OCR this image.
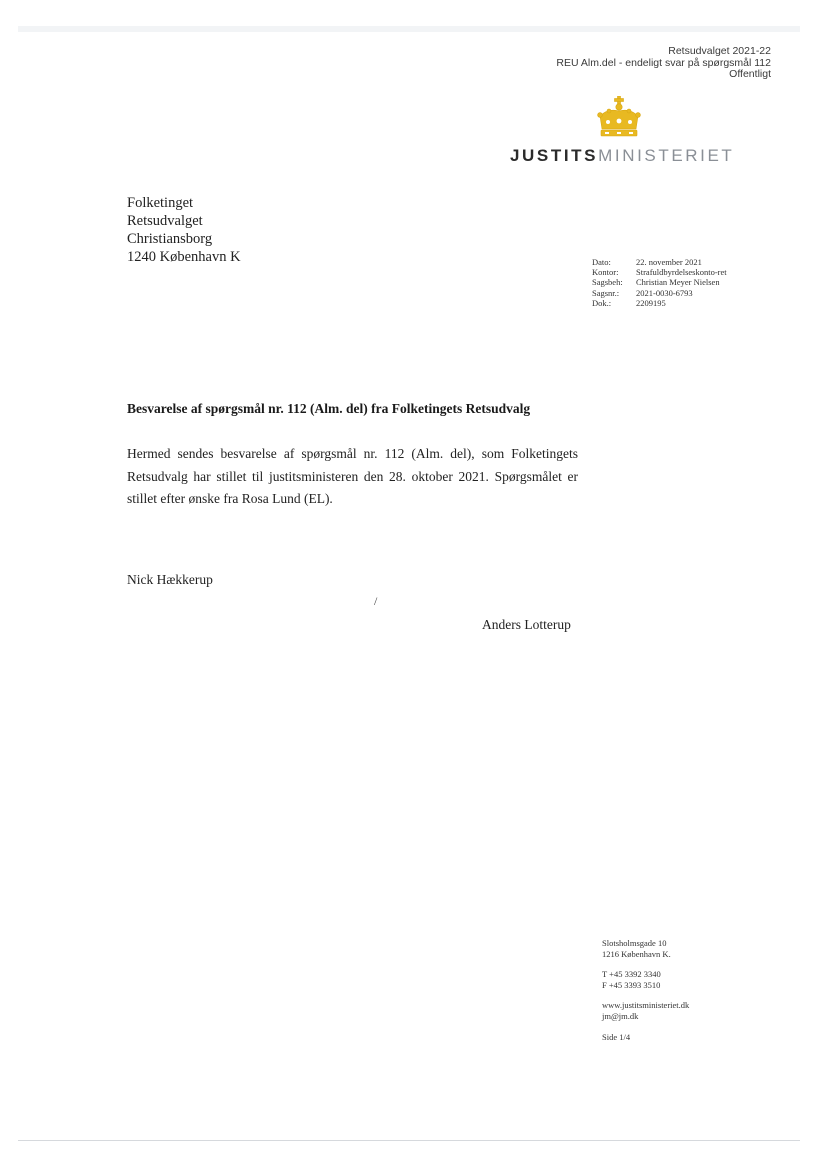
Retsudvalget 2021-22
REU Alm.del - endeligt svar på spørgsmål 112
Offentligt
JUSTITSMINISTERIET
Folketinget
Retsudvalget
Christiansborg
1240 København K	Dato:	22. november 2021
Kontor:	Strafuldbyrdelseskonto-ret
Sagsbeh:	Christian Meyer Nielsen
Sagsnr.:	2021-0030-6793
Dok.:	2209195
Besvarelse af spørgsmål nr. 112 (Alm. del) fra Folketingets Retsudvalg
Hermed sendes besvarelse af spørgsmål nr. 112 (Alm. del), som Folketingets Retsudvalg har stillet til justitsministeren den 28. oktober 2021. Spørgsmålet er stillet efter ønske fra Rosa Lund (EL).
Nick Hækkerup
/
Anders Lotterup
Slotsholmsgade 10
1216 København K.
T +45 3392 3340
F +45 3393 3510
www.justitsministeriet.dk
jm@jm.dk
Side 1/4
